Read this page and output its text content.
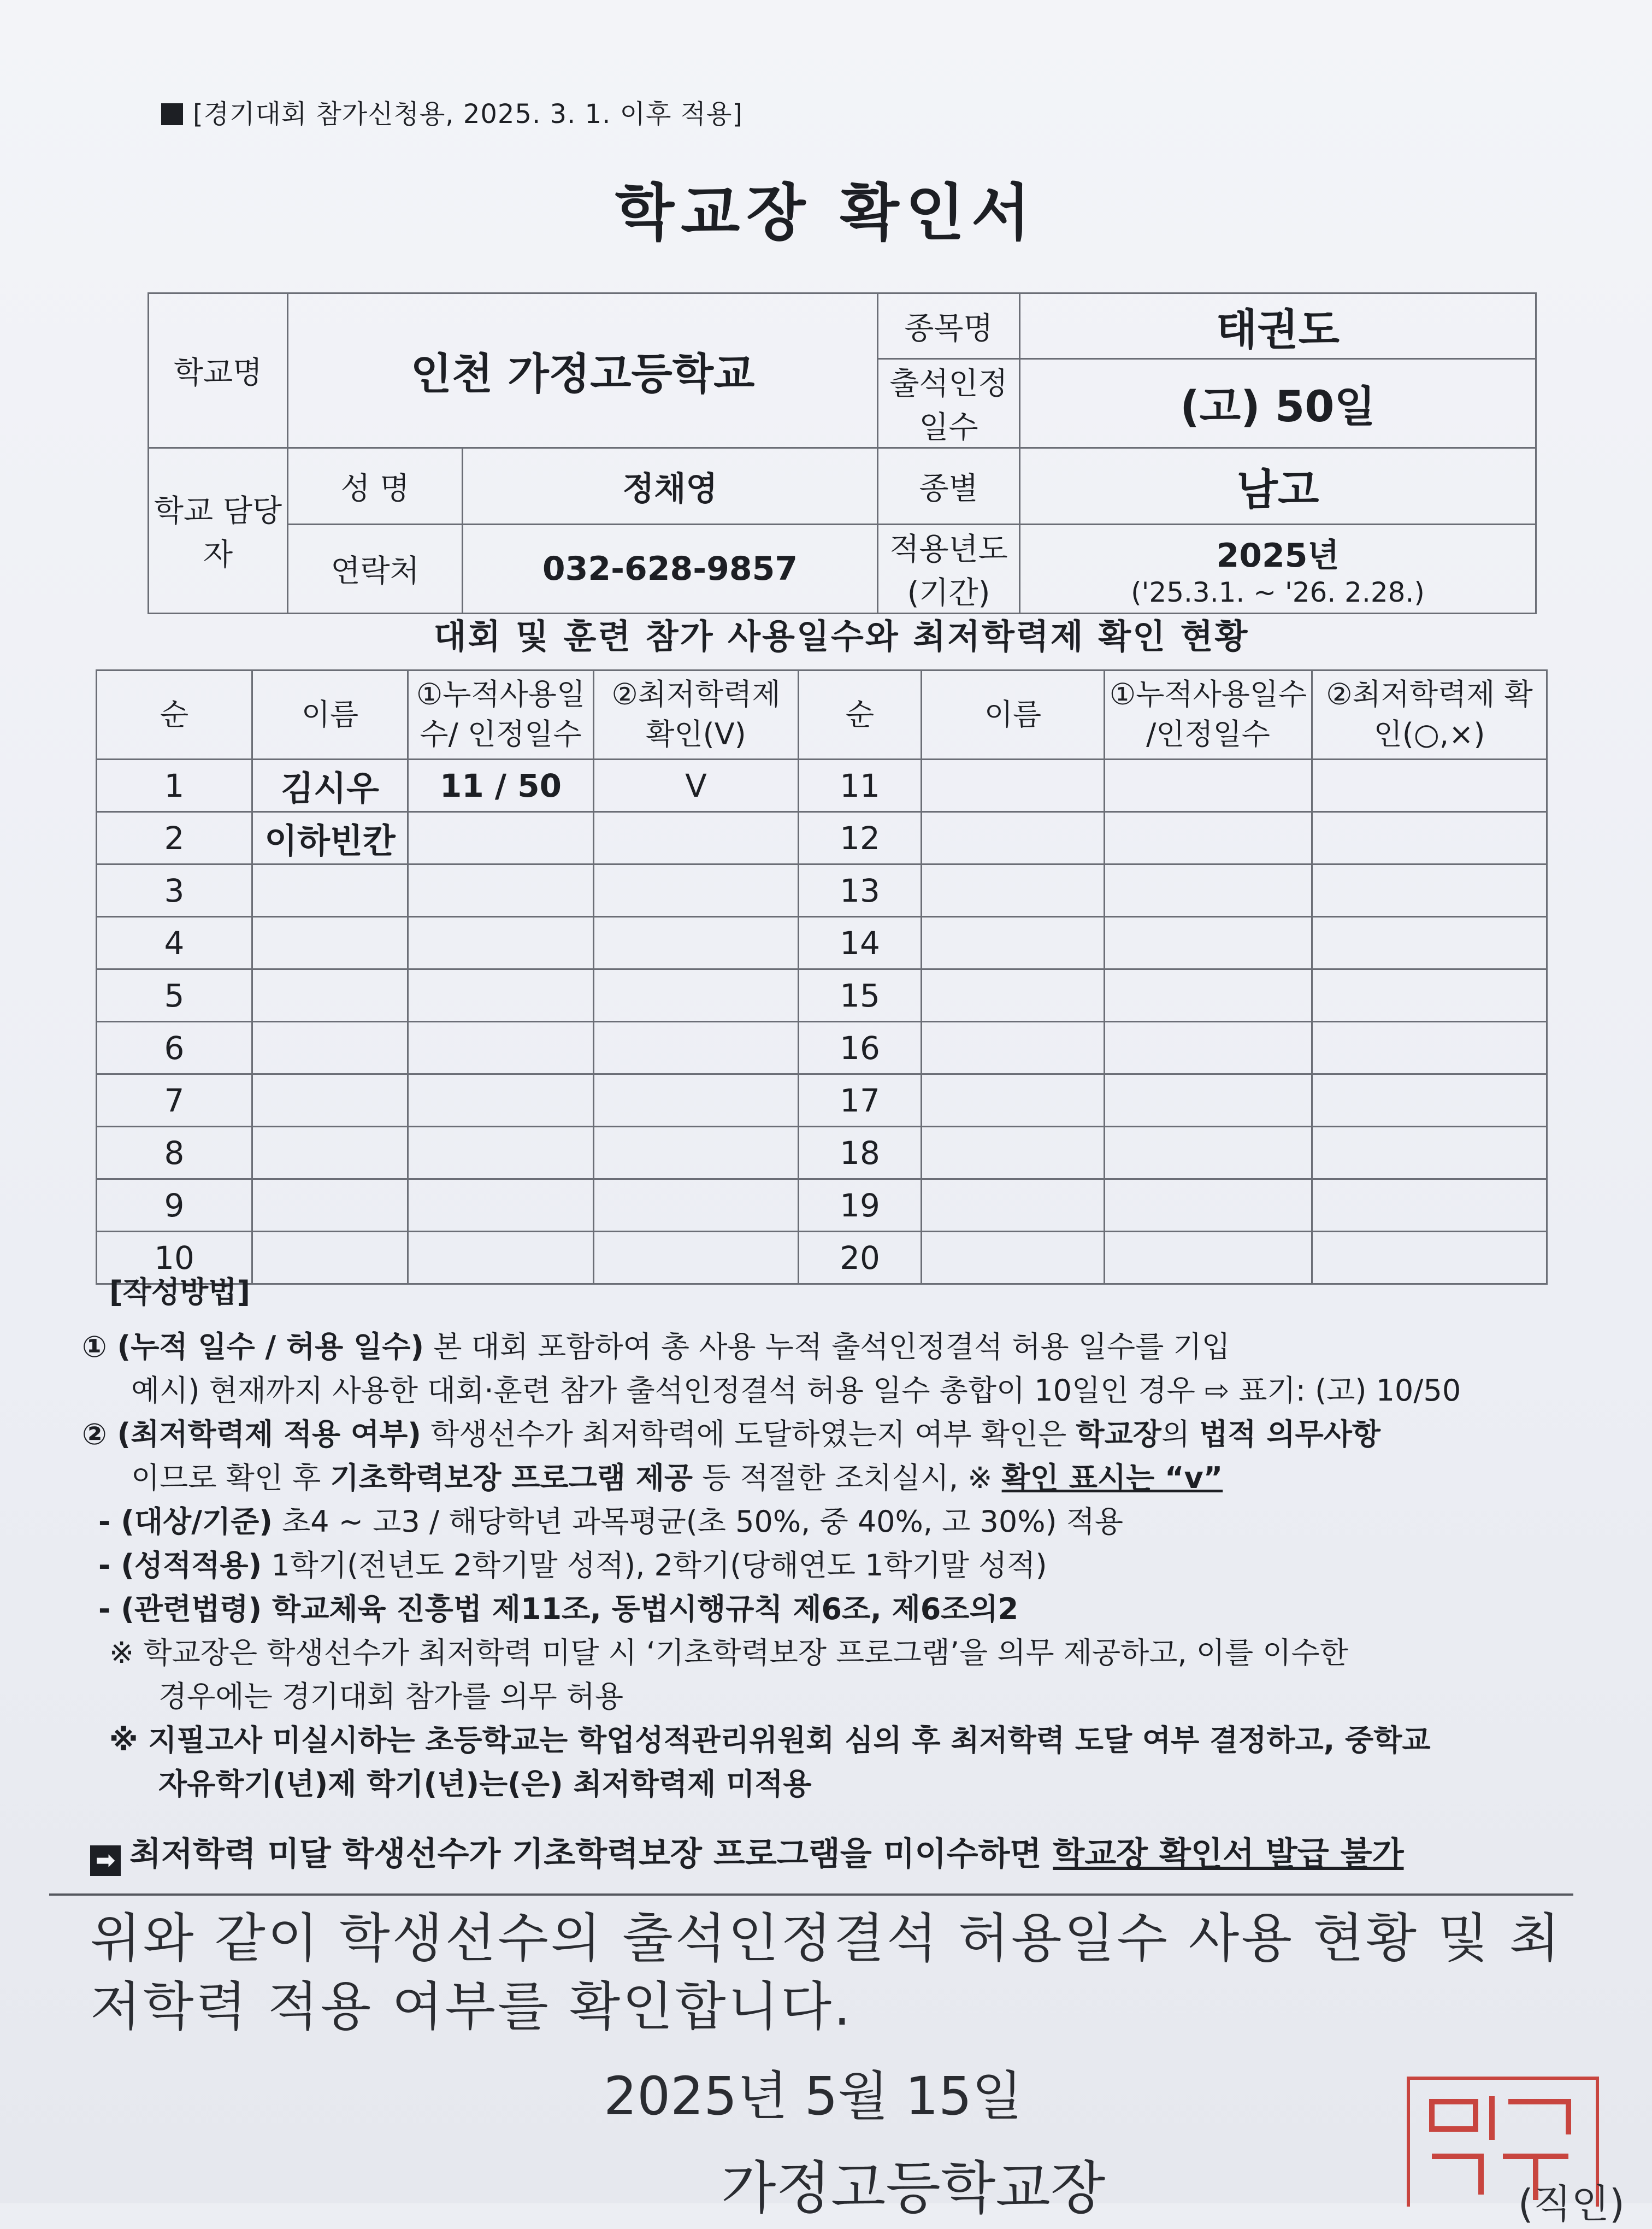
[경기대회 참가신청용, 2025. 3. 1. 이후 적용]
학교장 확인서
학교명	인천 가정고등학교		종목명	태권도
			출석인정 일수	(고) 50일
학교 담당자	성 명	정채영	종별	남고
	연락처	032-628-9857	적용년도 (기간)	2025년
('25.3.1. ~ '26. 2.28.)
대회 및 훈련 참가 사용일수와 최저학력제 확인 현황
순	이름	①누적사용일수/ 인정일수	②최저학력제 확인(V)	순	이름	①누적사용일수 /인정일수	②최저학력제 확인(○,×)
1	김시우	11 / 50	V	11			
2	이하빈칸			12			
3				13			
4				14			
5				15			
6				16			
7				17			
8				18			
9				19			
10				20			
[작성방법]
① (누적 일수 / 허용 일수) 본 대회 포함하여 총 사용 누적 출석인정결석 허용 일수를 기입
예시) 현재까지 사용한 대회·훈련 참가 출석인정결석 허용 일수 총합이 10일인 경우 ⇨ 표기: (고) 10/50
② (최저학력제 적용 여부) 학생선수가 최저학력에 도달하였는지 여부 확인은 학교장의 법적 의무사항
이므로 확인 후 기초학력보장 프로그램 제공 등 적절한 조치실시, ※ 확인 표시는 “v”
- (대상/기준) 초4 ~ 고3 / 해당학년 과목평균(초 50%, 중 40%, 고 30%) 적용
- (성적적용) 1학기(전년도 2학기말 성적), 2학기(당해연도 1학기말 성적)
- (관련법령) 학교체육 진흥법 제11조, 동법시행규칙 제6조, 제6조의2
※ 학교장은 학생선수가 최저학력 미달 시 ‘기초학력보장 프로그램’을 의무 제공하고, 이를 이수한
경우에는 경기대회 참가를 의무 허용
※ 지필고사 미실시하는 초등학교는 학업성적관리위원회 심의 후 최저학력 도달 여부 결정하고, 중학교
자유학기(년)제 학기(년)는(은) 최저학력제 미적용
➡ 최저학력 미달 학생선수가 기초학력보장 프로그램을 미이수하면 학교장 확인서 발급 불가
위와 같이 학생선수의 출석인정결석 허용일수 사용 현황 및 최저학력 적용 여부를 확인합니다.
2025년 5월 15일
가정고등학교장	(직인)
